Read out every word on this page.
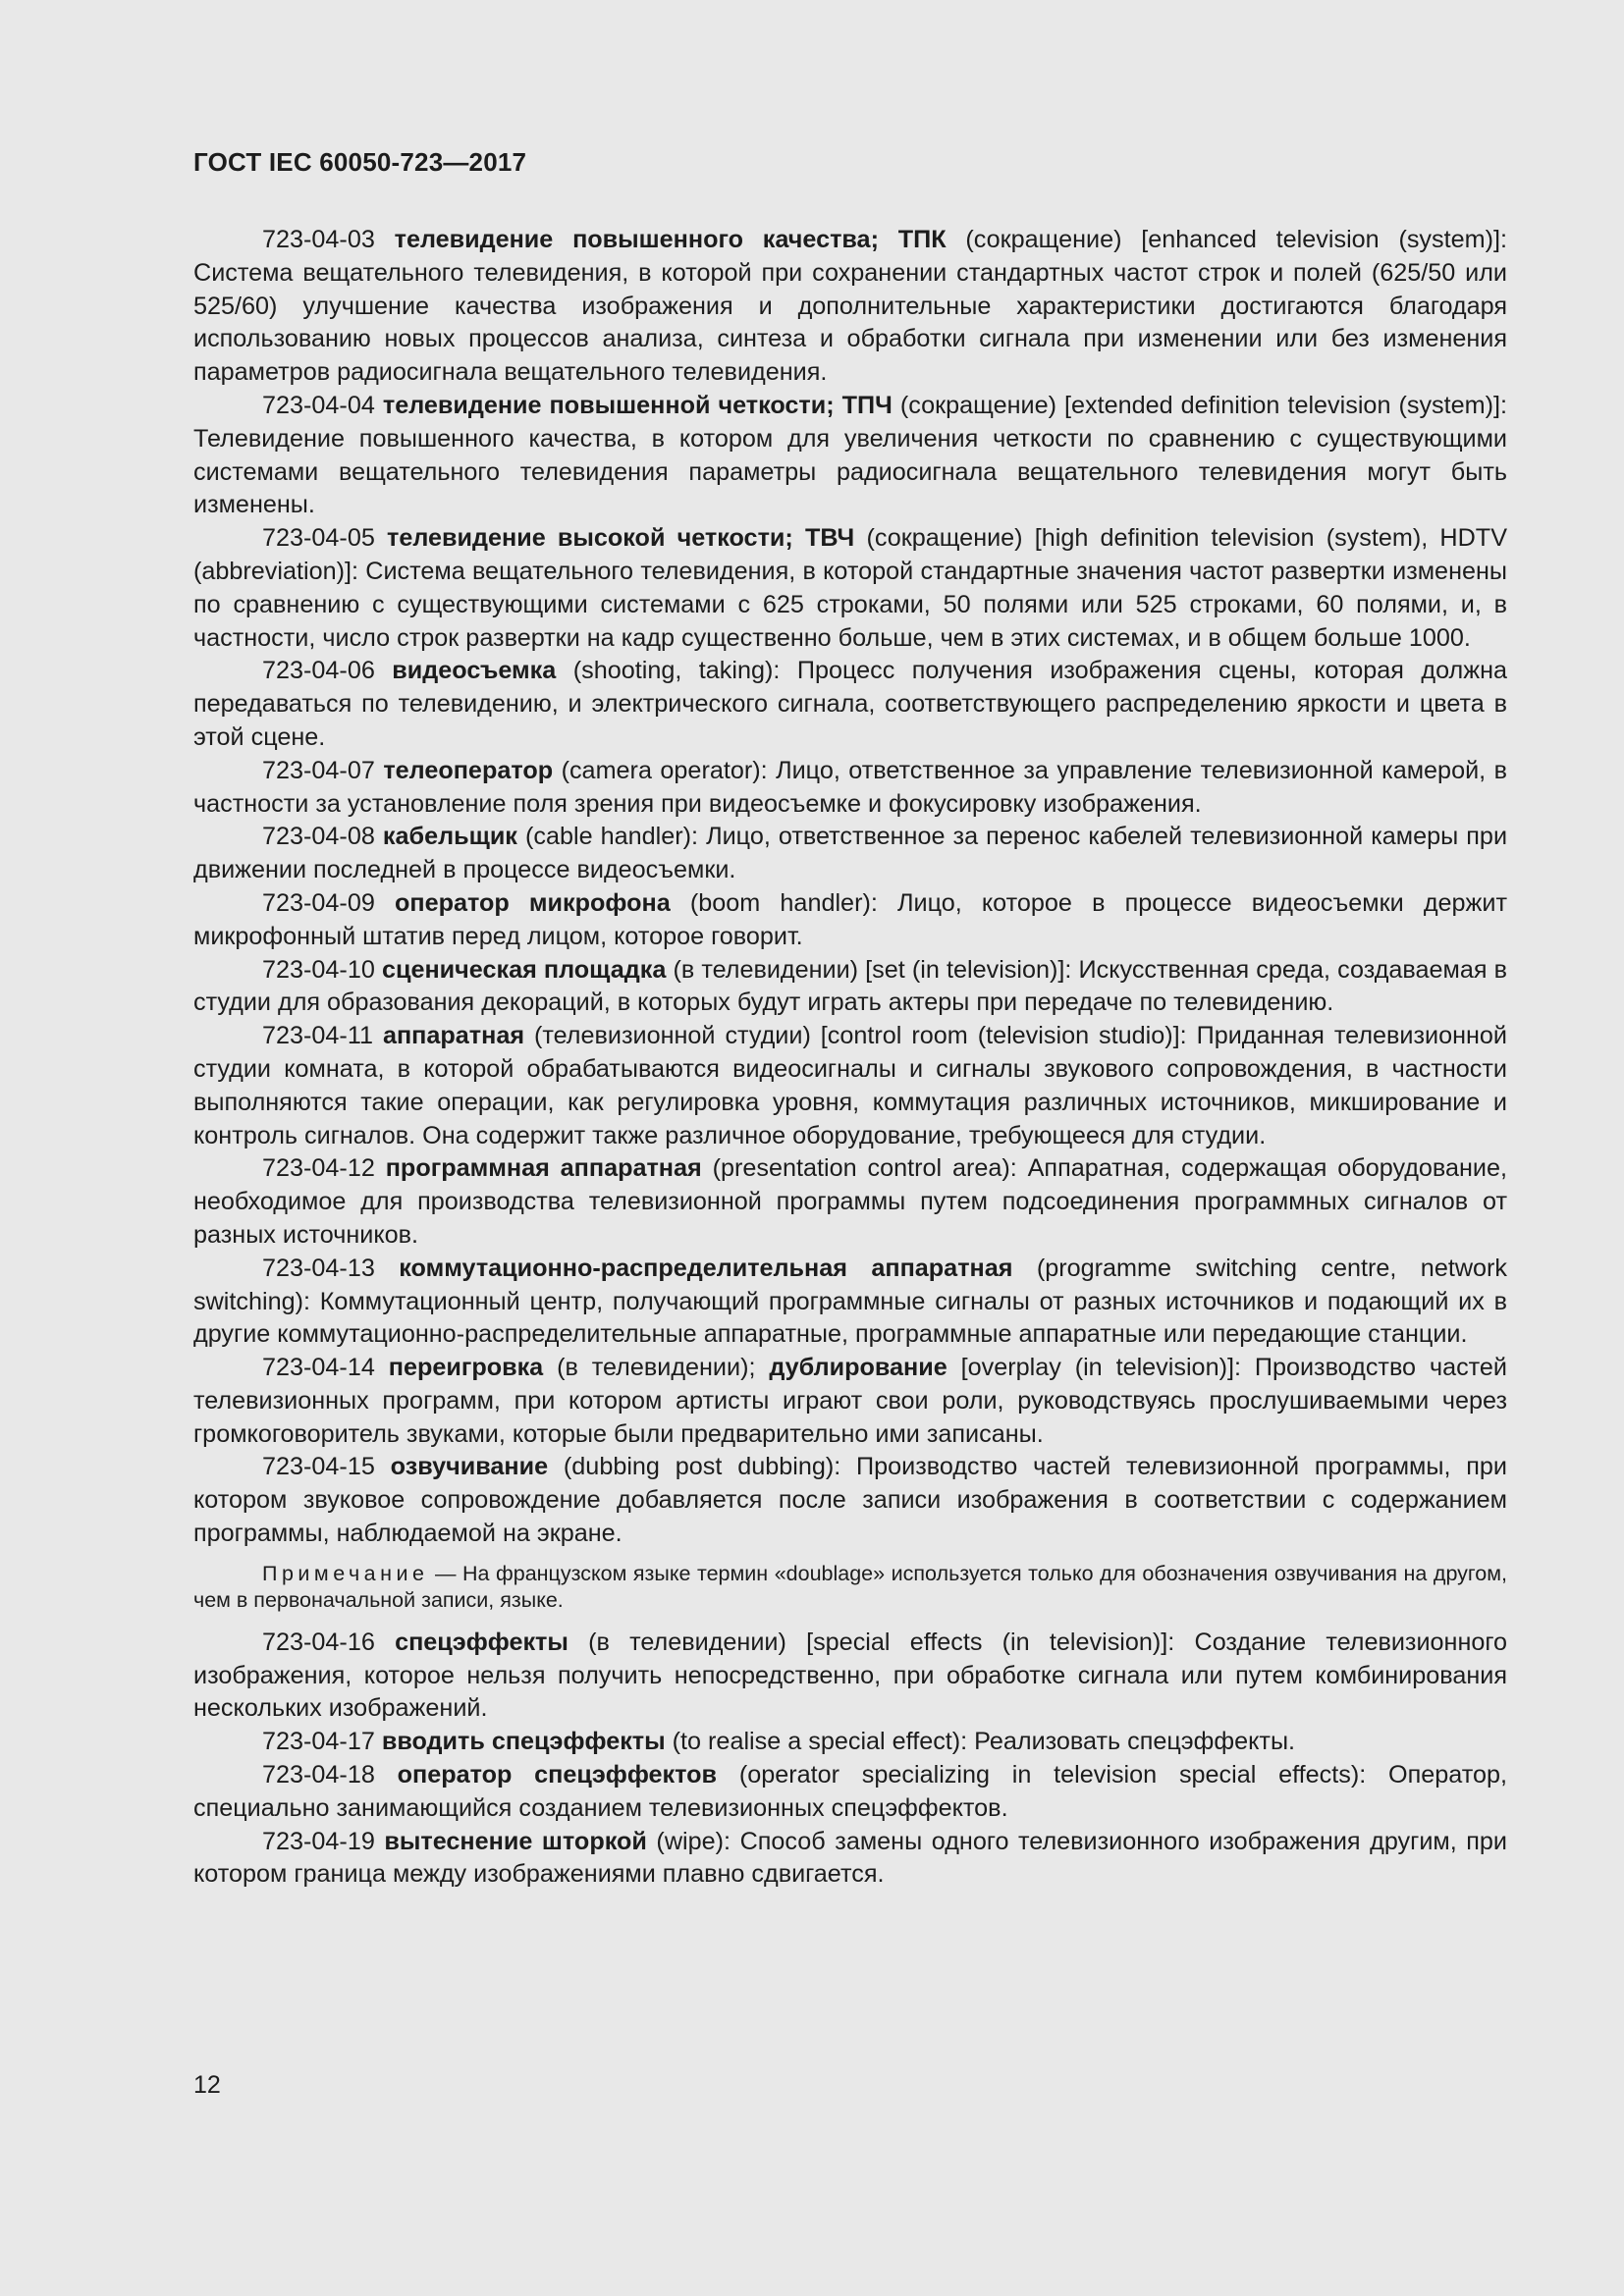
ГОСТ IEC 60050-723—2017

723-04-03 телевидение повышенного качества; ТПК (сокращение) [enhanced television (system)]: Система вещательного телевидения, в которой при сохранении стандартных частот строк и полей (625/50 или 525/60) улучшение качества изображения и дополнительные характеристики достигаются благодаря использованию новых процессов анализа, синтеза и обработки сигнала при изменении или без изменения параметров радиосигнала вещательного телевидения.

723-04-04 телевидение повышенной четкости; ТПЧ (сокращение) [extended definition television (system)]: Телевидение повышенного качества, в котором для увеличения четкости по сравнению с существующими системами вещательного телевидения параметры радиосигнала вещательного телевидения могут быть изменены.

723-04-05 телевидение высокой четкости; ТВЧ (сокращение) [high definition television (system), HDTV (abbreviation)]: Система вещательного телевидения, в которой стандартные значения частот развертки изменены по сравнению с существующими системами с 625 строками, 50 полями или 525 строками, 60 полями, и, в частности, число строк развертки на кадр существенно больше, чем в этих системах, и в общем больше 1000.

723-04-06 видеосъемка (shooting, taking): Процесс получения изображения сцены, которая должна передаваться по телевидению, и электрического сигнала, соответствующего распределению яркости и цвета в этой сцене.

723-04-07 телеоператор (camera operator): Лицо, ответственное за управление телевизионной камерой, в частности за установление поля зрения при видеосъемке и фокусировку изображения.

723-04-08 кабельщик (cable handler): Лицо, ответственное за перенос кабелей телевизионной камеры при движении последней в процессе видеосъемки.

723-04-09 оператор микрофона (boom handler): Лицо, которое в процессе видеосъемки держит микрофонный штатив перед лицом, которое говорит.

723-04-10 сценическая площадка (в телевидении) [set (in television)]: Искусственная среда, создаваемая в студии для образования декораций, в которых будут играть актеры при передаче по телевидению.

723-04-11 аппаратная (телевизионной студии) [control room (television studio)]: Приданная телевизионной студии комната, в которой обрабатываются видеосигналы и сигналы звукового сопровождения, в частности выполняются такие операции, как регулировка уровня, коммутация различных источников, микширование и контроль сигналов. Она содержит также различное оборудование, требующееся для студии.

723-04-12 программная аппаратная (presentation control area): Аппаратная, содержащая оборудование, необходимое для производства телевизионной программы путем подсоединения программных сигналов от разных источников.

723-04-13 коммутационно-распределительная аппаратная (programme switching centre, network switching): Коммутационный центр, получающий программные сигналы от разных источников и подающий их в другие коммутационно-распределительные аппаратные, программные аппаратные или передающие станции.

723-04-14 переигровка (в телевидении); дублирование [overplay (in television)]: Производство частей телевизионных программ, при котором артисты играют свои роли, руководствуясь прослушиваемыми через громкоговоритель звуками, которые были предварительно ими записаны.

723-04-15 озвучивание (dubbing post dubbing): Производство частей телевизионной программы, при котором звуковое сопровождение добавляется после записи изображения в соответствии с содержанием программы, наблюдаемой на экране.

Примечание — На французском языке термин «doublage» используется только для обозначения озвучивания на другом, чем в первоначальной записи, языке.

723-04-16 спецэффекты (в телевидении) [special effects (in television)]: Создание телевизионного изображения, которое нельзя получить непосредственно, при обработке сигнала или путем комбинирования нескольких изображений.

723-04-17 вводить спецэффекты (to realise a special effect): Реализовать спецэффекты.

723-04-18 оператор спецэффектов (operator specializing in television special effects): Оператор, специально занимающийся созданием телевизионных спецэффектов.

723-04-19 вытеснение шторкой (wipe): Способ замены одного телевизионного изображения другим, при котором граница между изображениями плавно сдвигается.

12
